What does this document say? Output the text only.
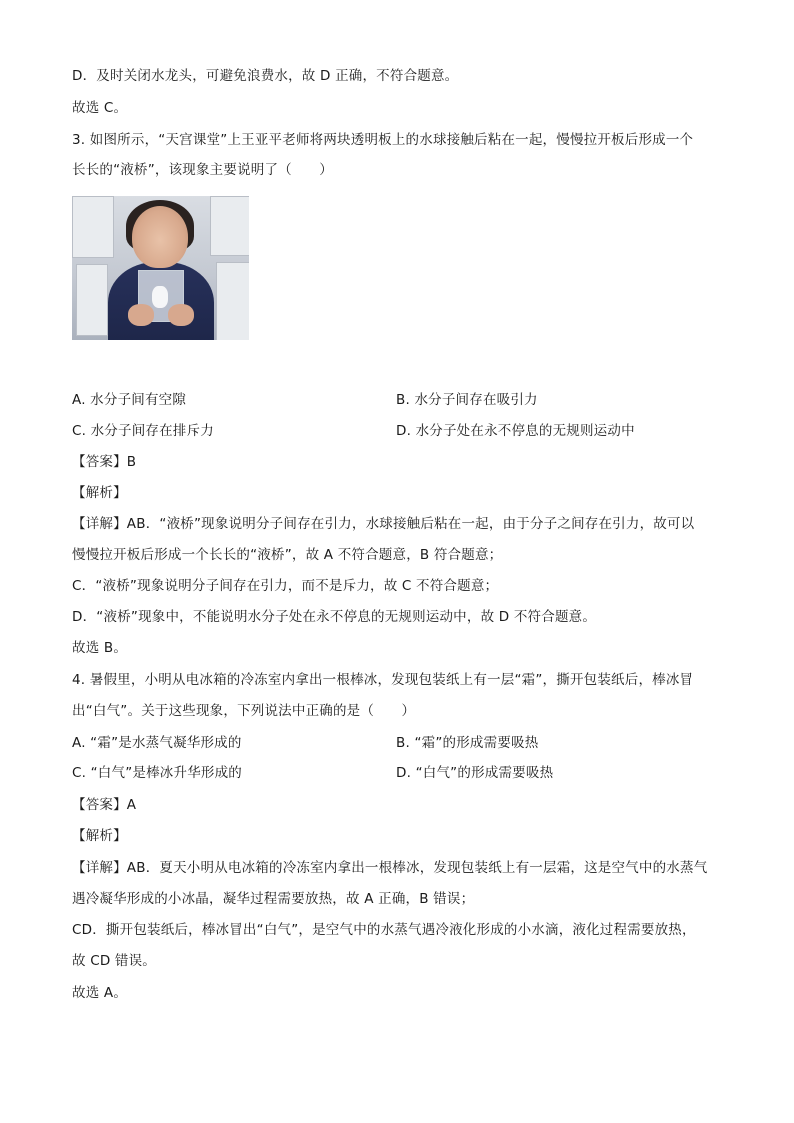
D．及时关闭水龙头，可避免浪费水，故 D 正确，不符合题意。
故选 C。
3. 如图所示，“天宫课堂”上王亚平老师将两块透明板上的水球接触后粘在一起，慢慢拉开板后形成一个
长长的“液桥”，该现象主要说明了（　　）
A. 水分子间有空隙	B. 水分子间存在吸引力
C. 水分子间存在排斥力	D. 水分子处在永不停息的无规则运动中
【答案】B
【解析】
【详解】AB．“液桥”现象说明分子间存在引力，水球接触后粘在一起，由于分子之间存在引力，故可以
慢慢拉开板后形成一个长长的“液桥”，故 A 不符合题意，B 符合题意；
C．“液桥”现象说明分子间存在引力，而不是斥力，故 C 不符合题意；
D．“液桥”现象中，不能说明水分子处在永不停息的无规则运动中，故 D 不符合题意。
故选 B。
4. 暑假里，小明从电冰箱的冷冻室内拿出一根棒冰，发现包装纸上有一层“霜”，撕开包装纸后，棒冰冒
出“白气”。关于这些现象，下列说法中正确的是（　　）
A. “霜”是水蒸气凝华形成的	B. “霜”的形成需要吸热
C. “白气”是棒冰升华形成的	D. “白气”的形成需要吸热
【答案】A
【解析】
【详解】AB．夏天小明从电冰箱的冷冻室内拿出一根棒冰，发现包装纸上有一层霜，这是空气中的水蒸气
遇冷凝华形成的小冰晶，凝华过程需要放热，故 A 正确，B 错误；
CD．撕开包装纸后，棒冰冒出“白气”，是空气中的水蒸气遇冷液化形成的小水滴，液化过程需要放热，
故 CD 错误。
故选 A。
